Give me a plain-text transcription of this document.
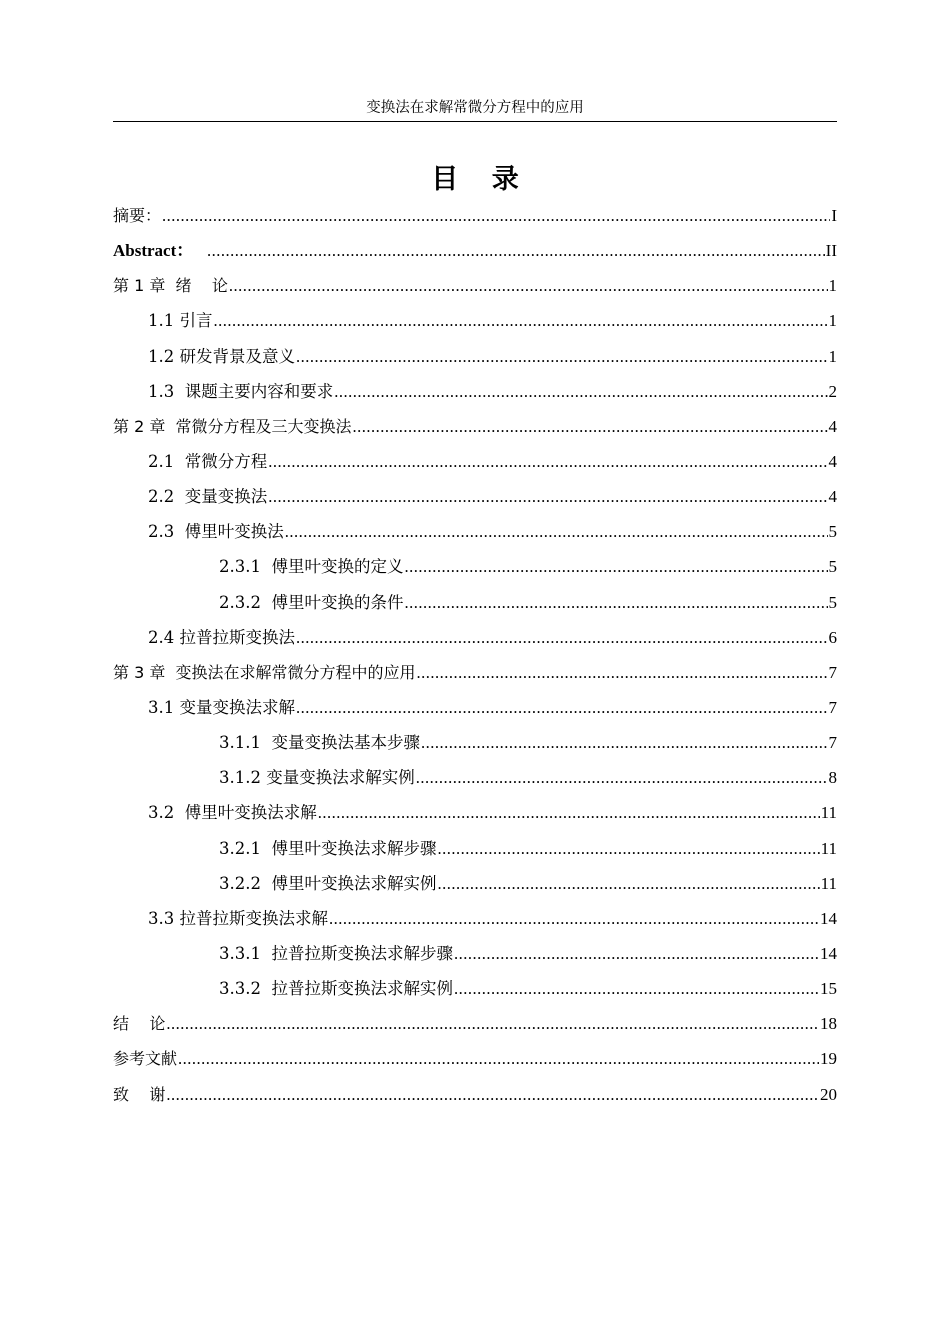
变换法在求解常微分方程中的应用
目 录
摘要： .....	I
Abstract： .....	II
第 1 章  绪    论 .....	1
1.1 引言 .....	1
1.2 研发背景及意义 .....	1
1.3  课题主要内容和要求 .....	2
第 2 章  常微分方程及三大变换法 .....	4
2.1  常微分方程 .....	4
2.2  变量变换法 .....	4
2.3  傅里叶变换法 .....	5
2.3.1  傅里叶变换的定义 .....	5
2.3.2  傅里叶变换的条件 .....	5
2.4 拉普拉斯变换法 .....	6
第 3 章  变换法在求解常微分方程中的应用 .....	7
3.1 变量变换法求解 .....	7
3.1.1  变量变换法基本步骤 .....	7
3.1.2 变量变换法求解实例 .....	8
3.2  傅里叶变换法求解 .....	11
3.2.1  傅里叶变换法求解步骤 .....	11
3.2.2  傅里叶变换法求解实例 .....	11
3.3 拉普拉斯变换法求解 .....	14
3.3.1  拉普拉斯变换法求解步骤 .....	14
3.3.2  拉普拉斯变换法求解实例 .....	15
结    论 .....	18
参考文献 .....	19
致    谢 .....	20
